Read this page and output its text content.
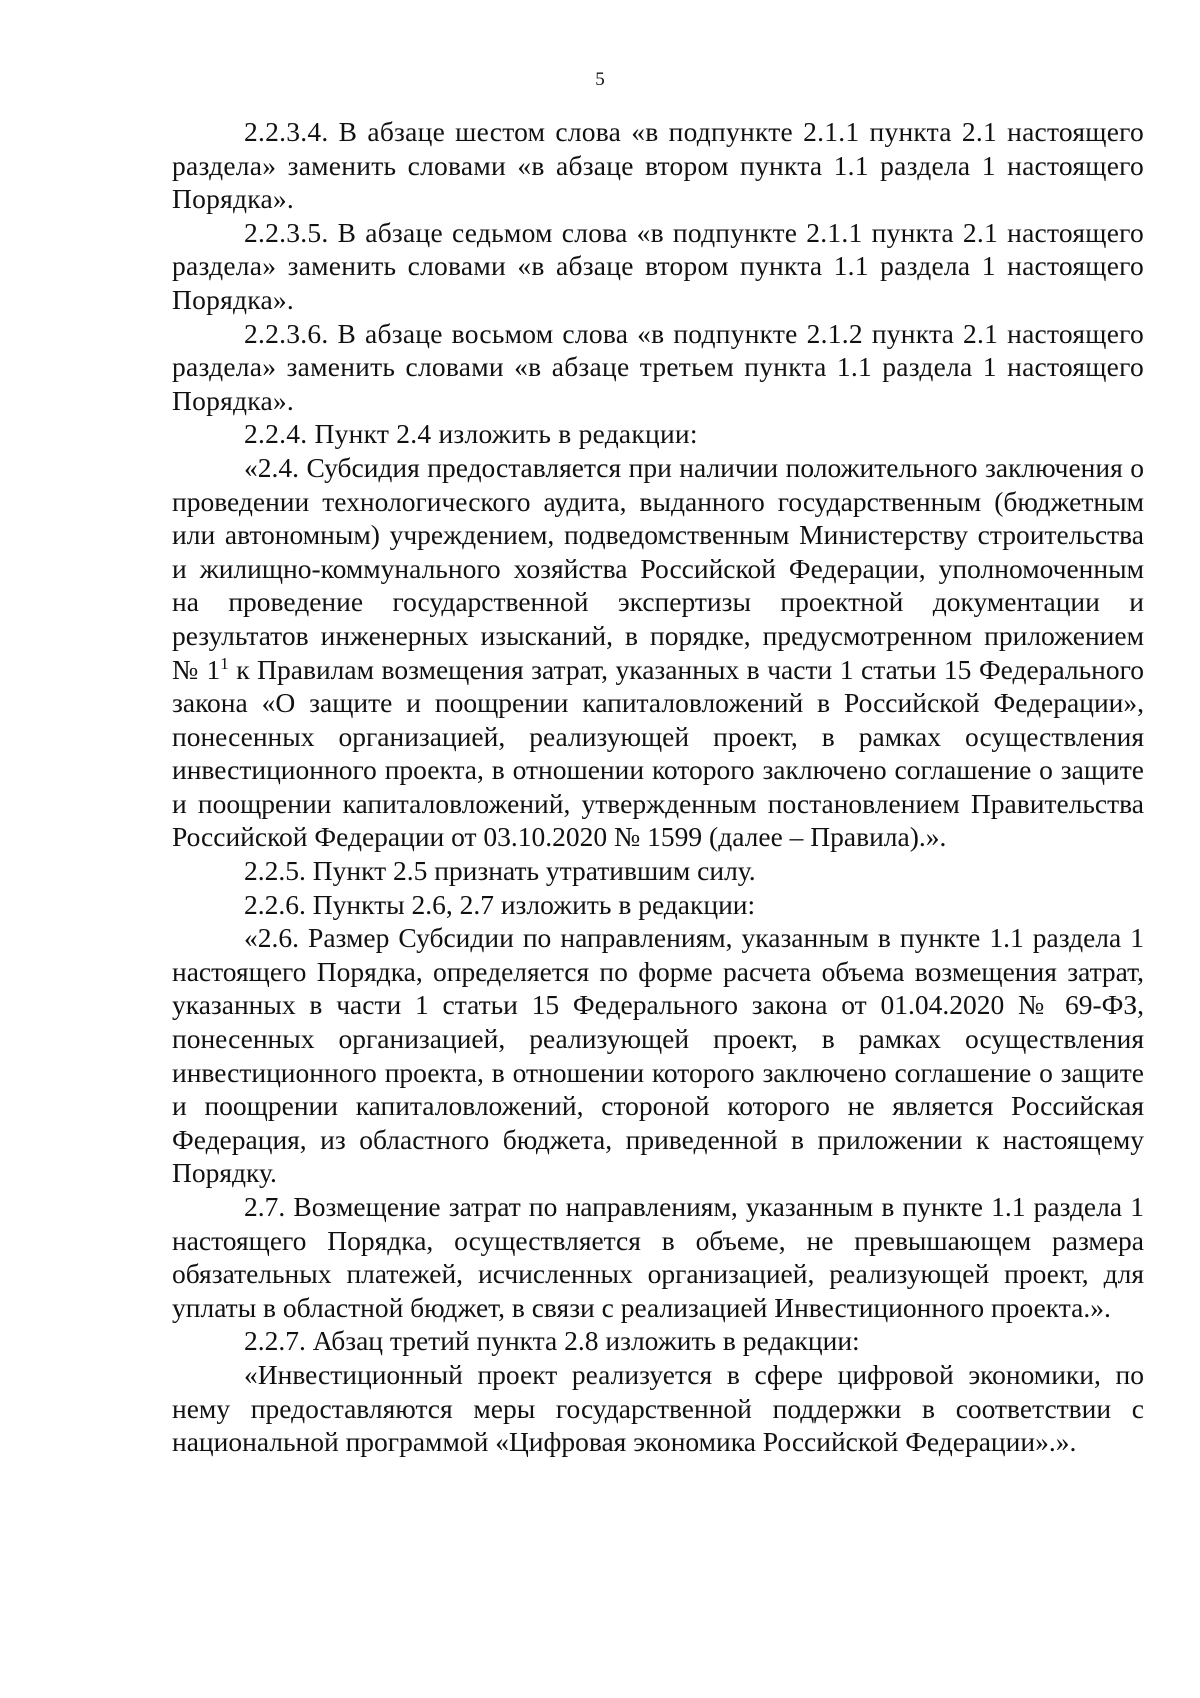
5

2.2.3.4. В абзаце шестом слова «в подпункте 2.1.1 пункта 2.1 настоящего раздела» заменить словами «в абзаце втором пункта 1.1 раздела 1 настоящего Порядка».

2.2.3.5. В абзаце седьмом слова «в подпункте 2.1.1 пункта 2.1 настоящего раздела» заменить словами «в абзаце втором пункта 1.1 раздела 1 настоящего Порядка».

2.2.3.6. В абзаце восьмом слова «в подпункте 2.1.2 пункта 2.1 настоящего раздела» заменить словами «в абзаце третьем пункта 1.1 раздела 1 настоящего Порядка».

2.2.4. Пункт 2.4 изложить в редакции:

«2.4. Субсидия предоставляется при наличии положительного заключения о проведении технологического аудита, выданного государственным (бюджетным или автономным) учреждением, подведомственным Министерству строительства и жилищно-коммунального хозяйства Российской Федерации, уполномоченным на проведение государственной экспертизы проектной документации и результатов инженерных изысканий, в порядке, предусмотренном приложением № $1^1$ к Правилам возмещения затрат, указанных в части 1 статьи 15 Федерального закона «О защите и поощрении капиталовложений в Российской Федерации», понесенных организацией, реализующей проект, в рамках осуществления инвестиционного проекта, в отношении которого заключено соглашение о защите и поощрении капиталовложений, утвержденным постановлением Правительства Российской Федерации от 03.10.2020 № 1599 (далее – Правила).».

2.2.5. Пункт 2.5 признать утратившим силу.

2.2.6. Пункты 2.6, 2.7 изложить в редакции:

«2.6. Размер Субсидии по направлениям, указанным в пункте 1.1 раздела 1 настоящего Порядка, определяется по форме расчета объема возмещения затрат, указанных в части 1 статьи 15 Федерального закона от 01.04.2020 № 69-ФЗ, понесенных организацией, реализующей проект, в рамках осуществления инвестиционного проекта, в отношении которого заключено соглашение о защите и поощрении капиталовложений, стороной которого не является Российская Федерация, из областного бюджета, приведенной в приложении к настоящему Порядку.

2.7. Возмещение затрат по направлениям, указанным в пункте 1.1 раздела 1 настоящего Порядка, осуществляется в объеме, не превышающем размера обязательных платежей, исчисленных организацией, реализующей проект, для уплаты в областной бюджет, в связи с реализацией Инвестиционного проекта.».

2.2.7. Абзац третий пункта 2.8 изложить в редакции:

«Инвестиционный проект реализуется в сфере цифровой экономики, по нему предоставляются меры государственной поддержки в соответствии с национальной программой «Цифровая экономика Российской Федерации».».
